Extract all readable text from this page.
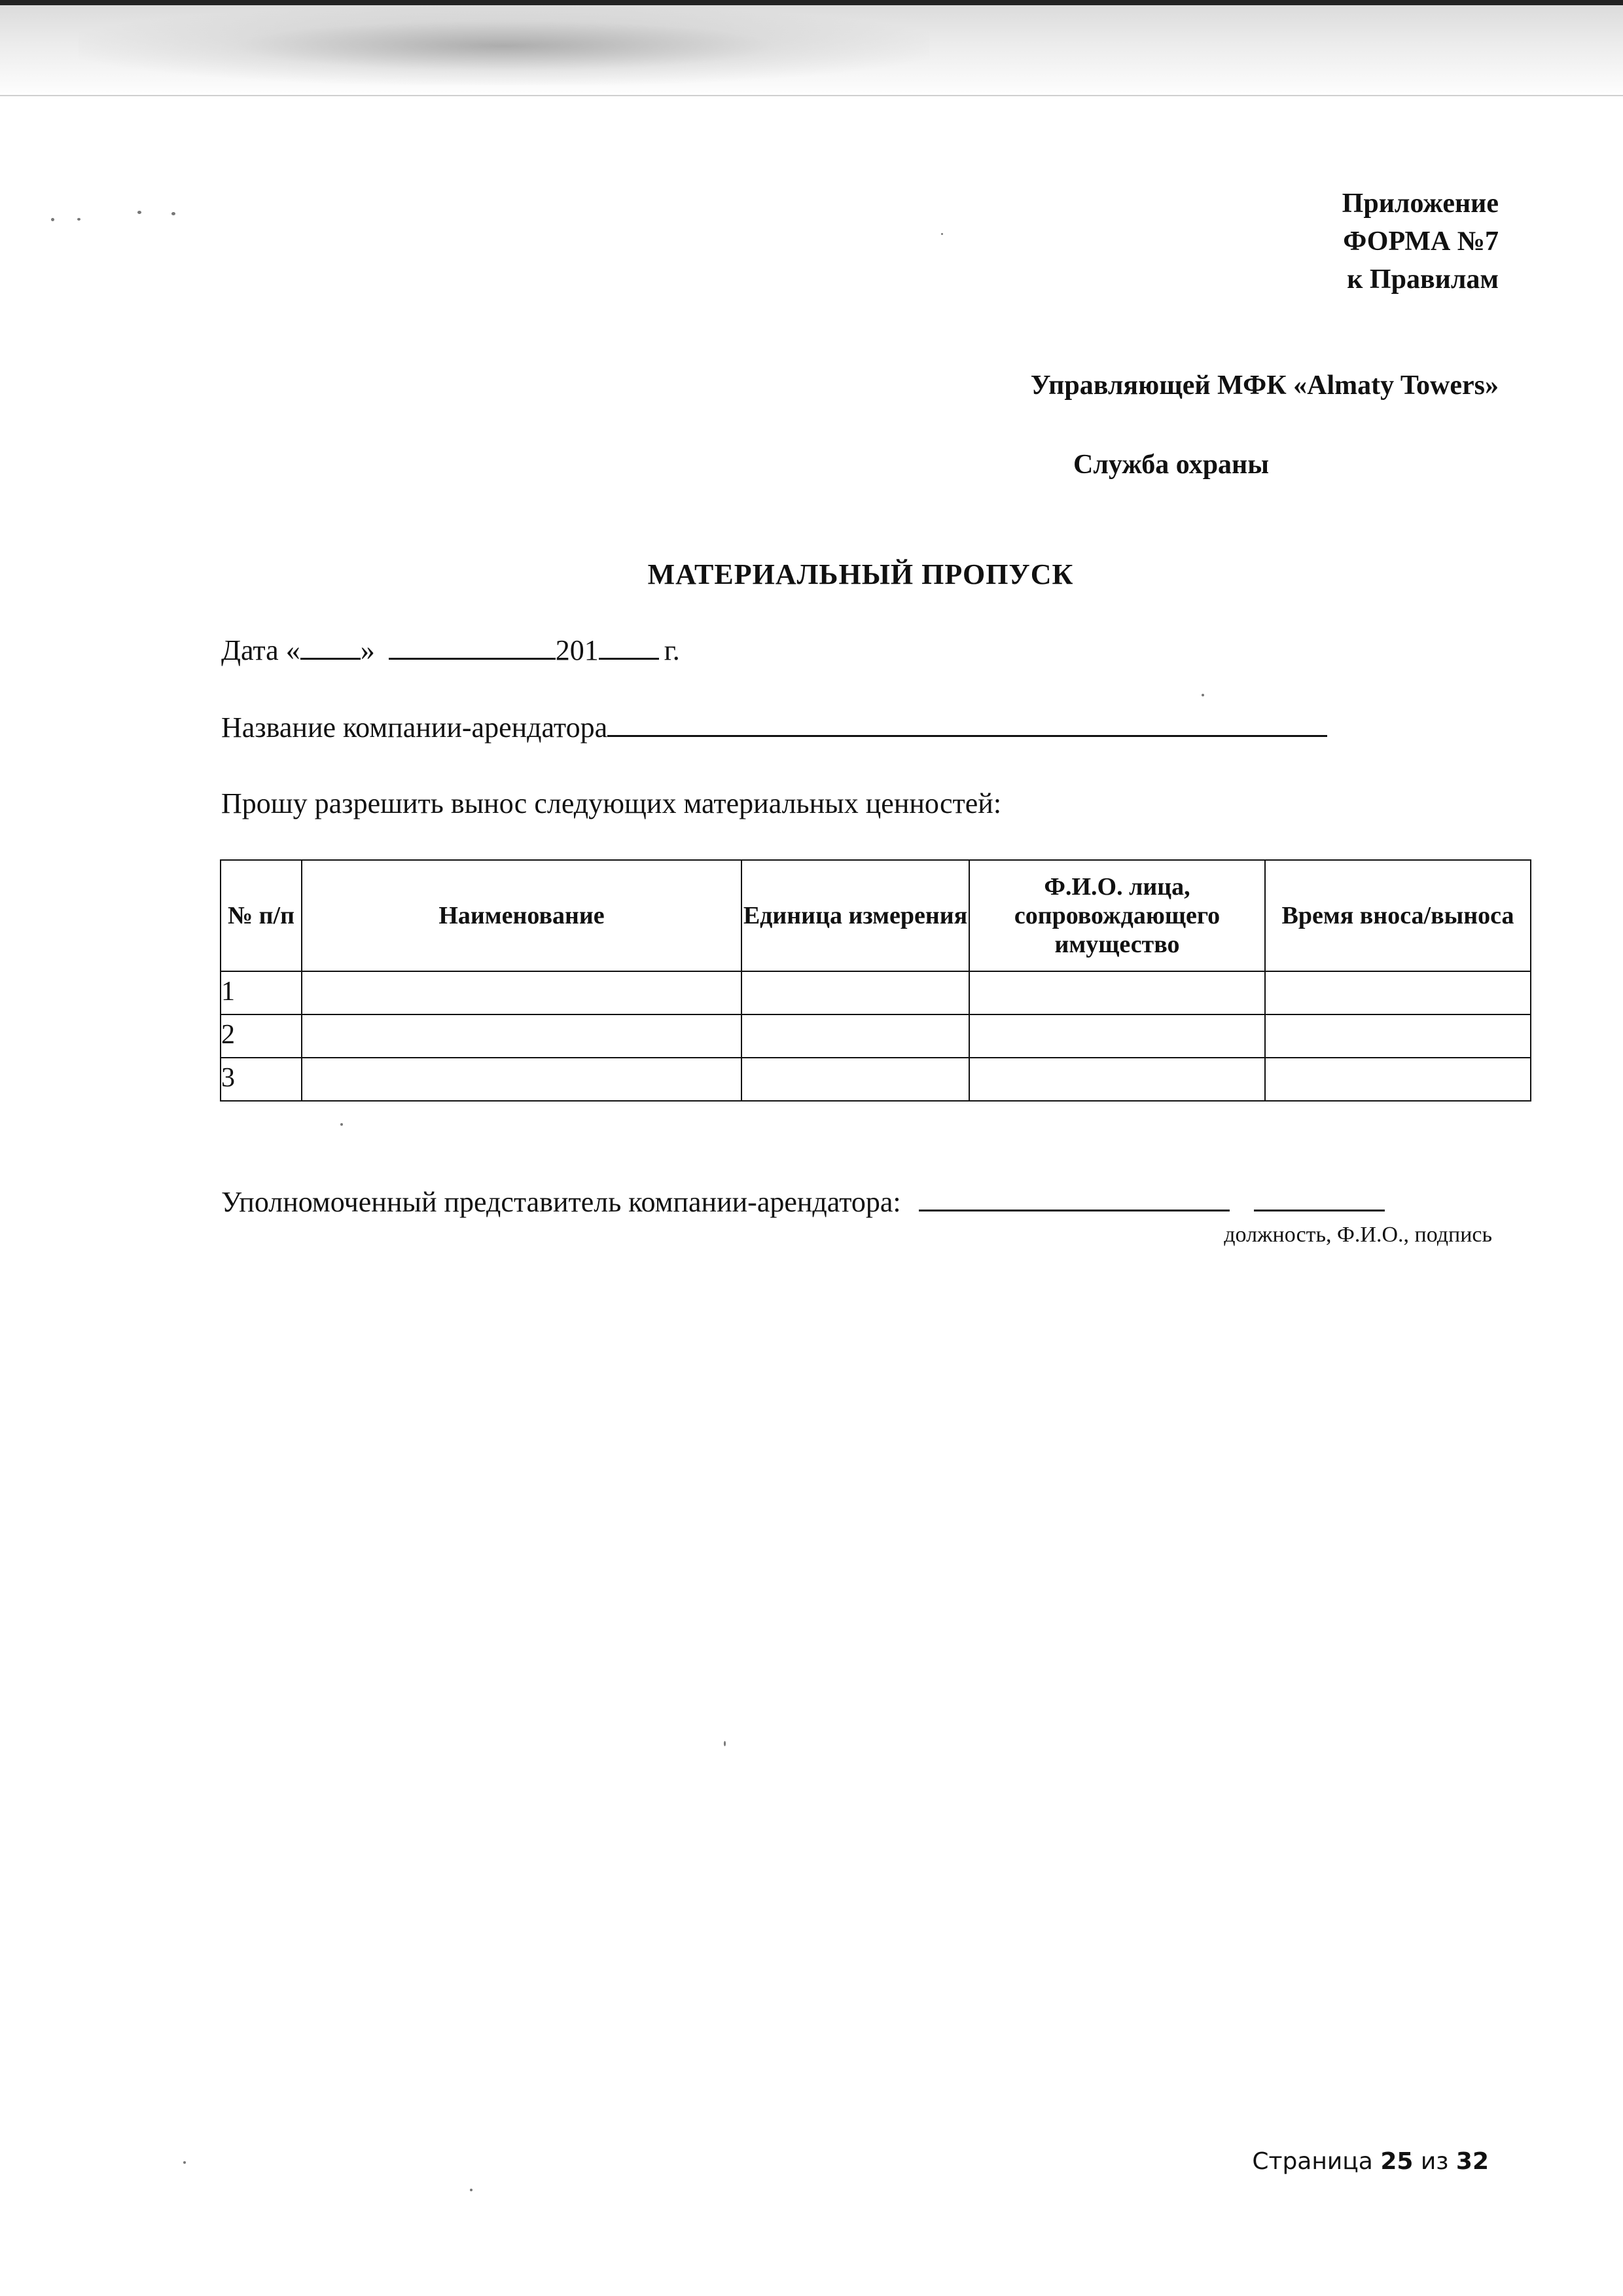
Приложение
ФОРМА №7
к Правилам
Управляющей МФК «Almaty Towers»
Служба охраны
МАТЕРИАЛЬНЫЙ ПРОПУСК
Дата « »	201 г.
Название компании-арендатора
Прошу разрешить вынос следующих материальных ценностей:
№ п/п	Наименование	Единица измерения	Ф.И.О. лица, сопровождающего имущество	Время вноса/выноса
1				
2				
3				
Уполномоченный представитель компании-арендатора:
должность, Ф.И.О., подпись
Страница 25 из 32
